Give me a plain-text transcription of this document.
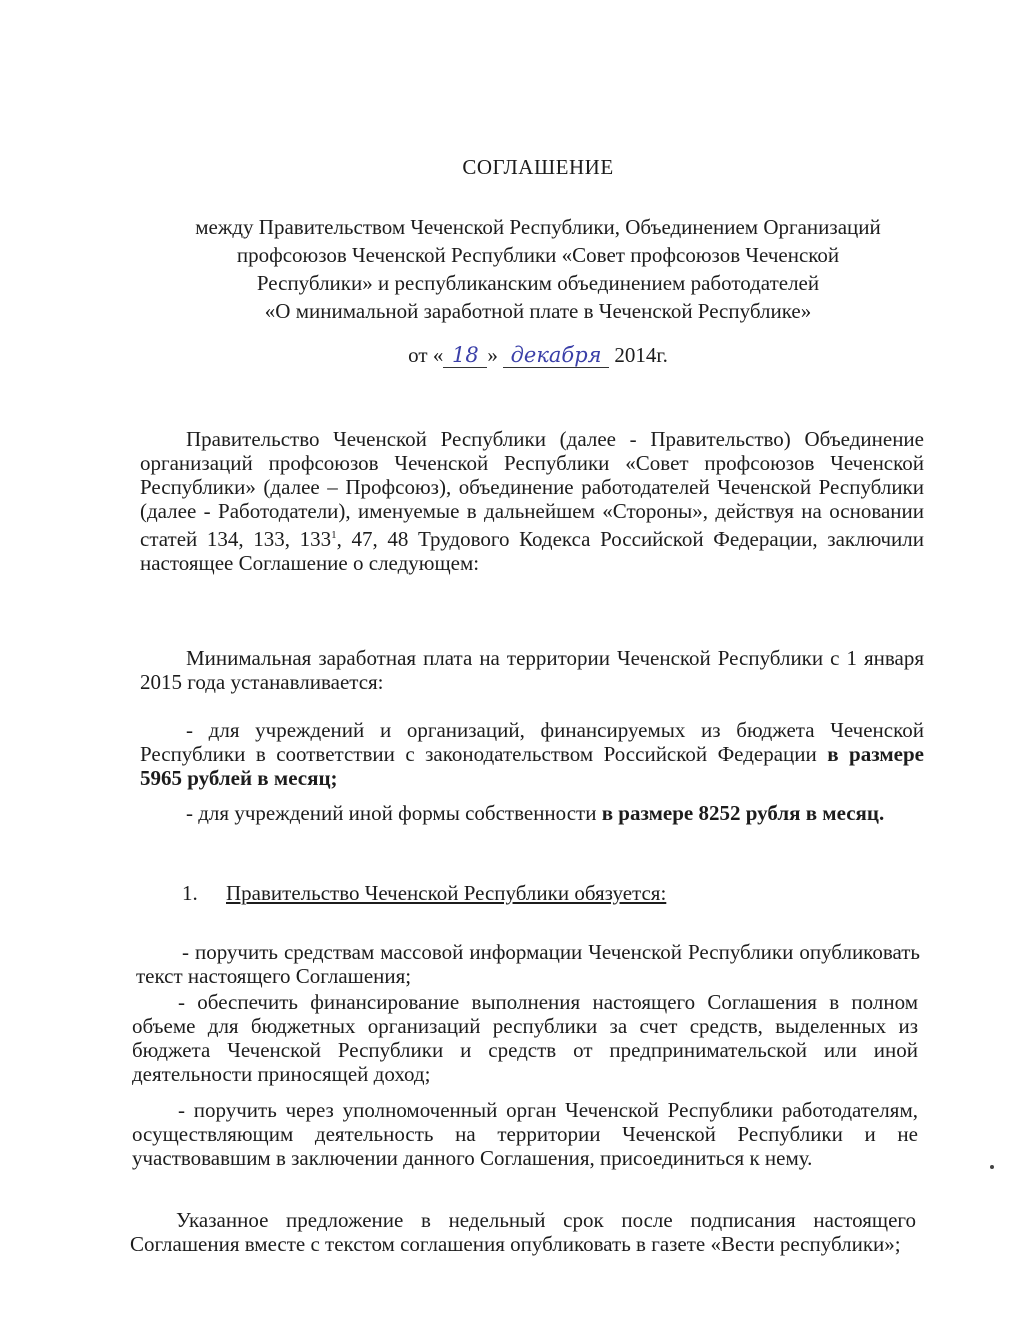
СОГЛАШЕНИЕ

между Правительством Чеченской Республики, Объединением Организаций
профсоюзов Чеченской Республики «Совет профсоюзов Чеченской
Республики» и республиканским объединением работодателей
«О минимальной заработной плате в Чеченской Республике»

от « 18 » декабря 2014г.

Правительство Чеченской Республики (далее - Правительство) Объединение организаций профсоюзов Чеченской Республики «Совет профсоюзов Чеченской Республики» (далее – Профсоюз), объединение работодателей Чеченской Республики (далее - Работодатели), именуемые в дальнейшем «Стороны», действуя на основании статей 134, 133, $133^1$, 47, 48 Трудового Кодекса Российской Федерации, заключили настоящее Соглашение о следующем:

Минимальная заработная плата на территории Чеченской Республики с 1 января 2015 года устанавливается:

- для учреждений и организаций, финансируемых из бюджета Чеченской Республики в соответствии с законодательством Российской Федерации в размере 5965 рублей в месяц;

- для учреждений иной формы собственности в размере 8252 рубля в месяц.

1. Правительство Чеченской Республики обязуется:

- поручить средствам массовой информации Чеченской Республики опубликовать текст настоящего Соглашения;

- обеспечить финансирование выполнения настоящего Соглашения в полном объеме для бюджетных организаций республики за счет средств, выделенных из бюджета Чеченской Республики и средств от предпринимательской или иной деятельности приносящей доход;

- поручить через уполномоченный орган Чеченской Республики работодателям, осуществляющим деятельность на территории Чеченской Республики и не участвовавшим в заключении данного Соглашения, присоединиться к нему.

Указанное предложение в недельный срок после подписания настоящего Соглашения вместе с текстом соглашения опубликовать в газете «Вести республики»;
